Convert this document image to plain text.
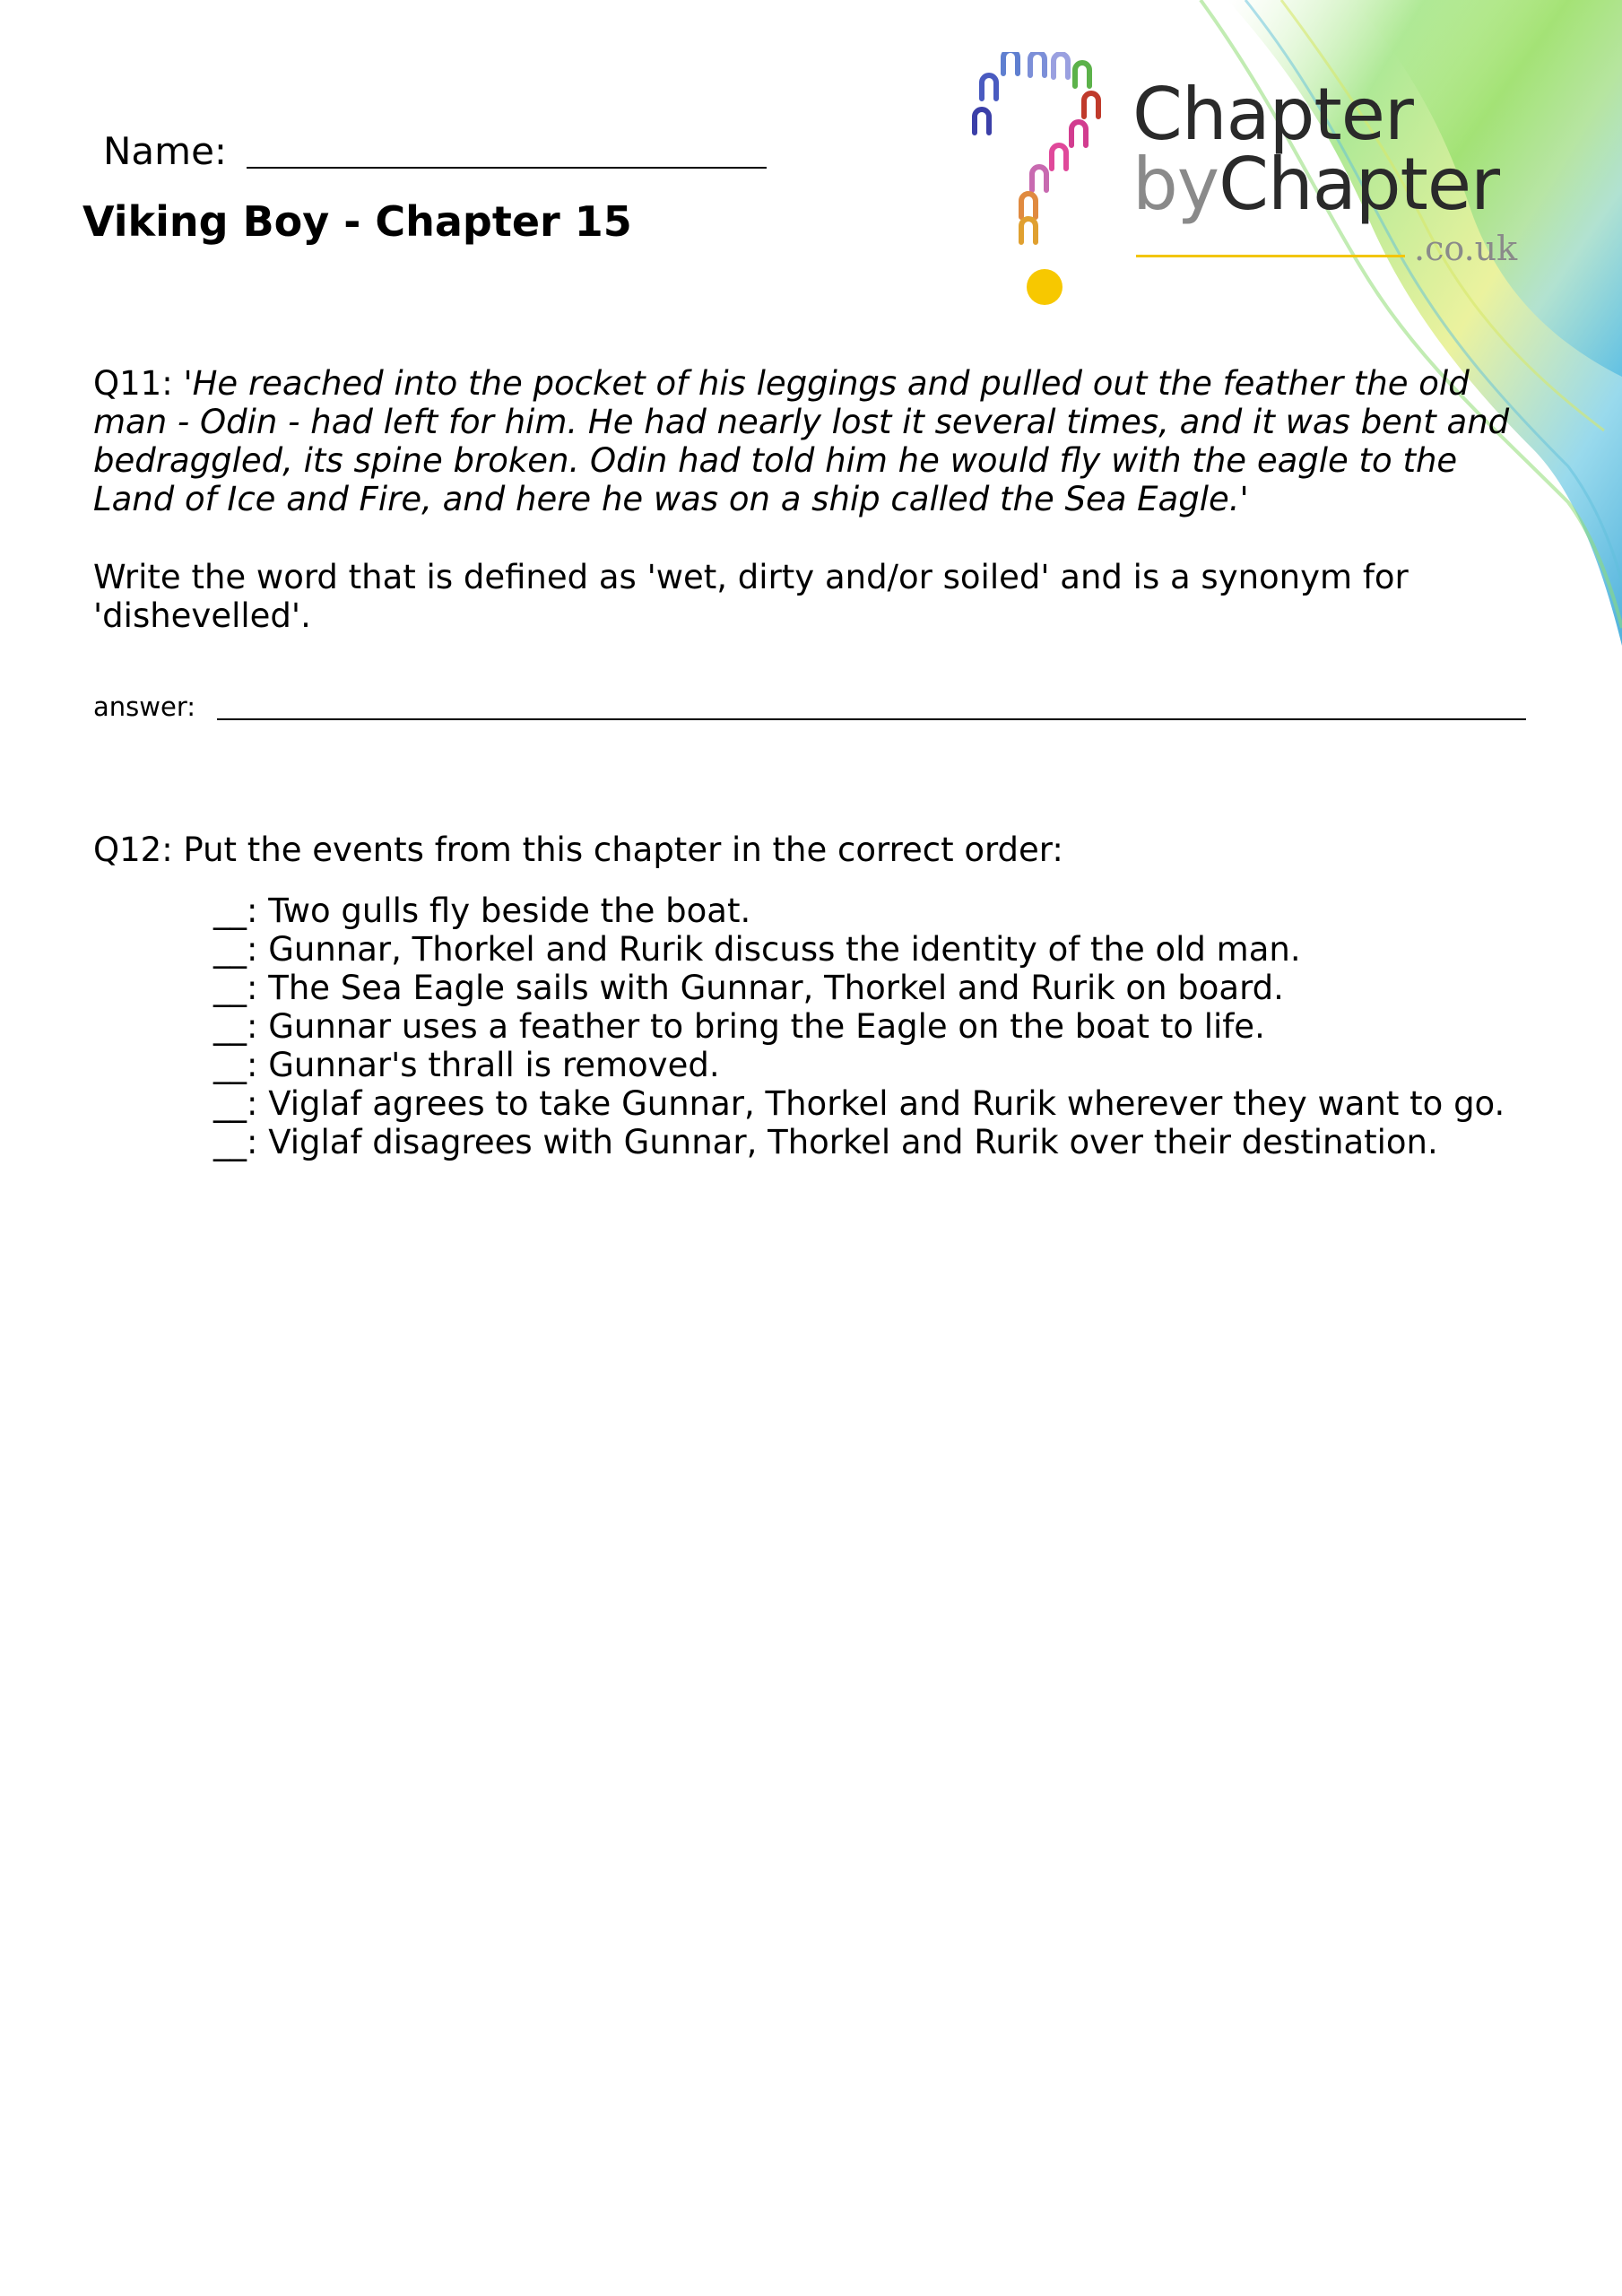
Chapter
byChapter
.co.uk
Name:
Viking Boy - Chapter 15
Q11: 'He reached into the pocket of his leggings and pulled out the feather the old man - Odin - had left for him. He had nearly lost it several times, and it was bent and bedraggled, its spine broken. Odin had told him he would fly with the eagle to the Land of Ice and Fire, and here he was on a ship called the Sea Eagle.'
Write the word that is defined as 'wet, dirty and/or soiled' and is a synonym for 'dishevelled'.
answer:
Q12: Put the events from this chapter in the correct order:
__: Two gulls fly beside the boat.
__: Gunnar, Thorkel and Rurik discuss the identity of the old man.
__: The Sea Eagle sails with Gunnar, Thorkel and Rurik on board.
__: Gunnar uses a feather to bring the Eagle on the boat to life.
__: Gunnar's thrall is removed.
__: Viglaf agrees to take Gunnar, Thorkel and Rurik wherever they want to go.
__: Viglaf disagrees with Gunnar, Thorkel and Rurik over their destination.
